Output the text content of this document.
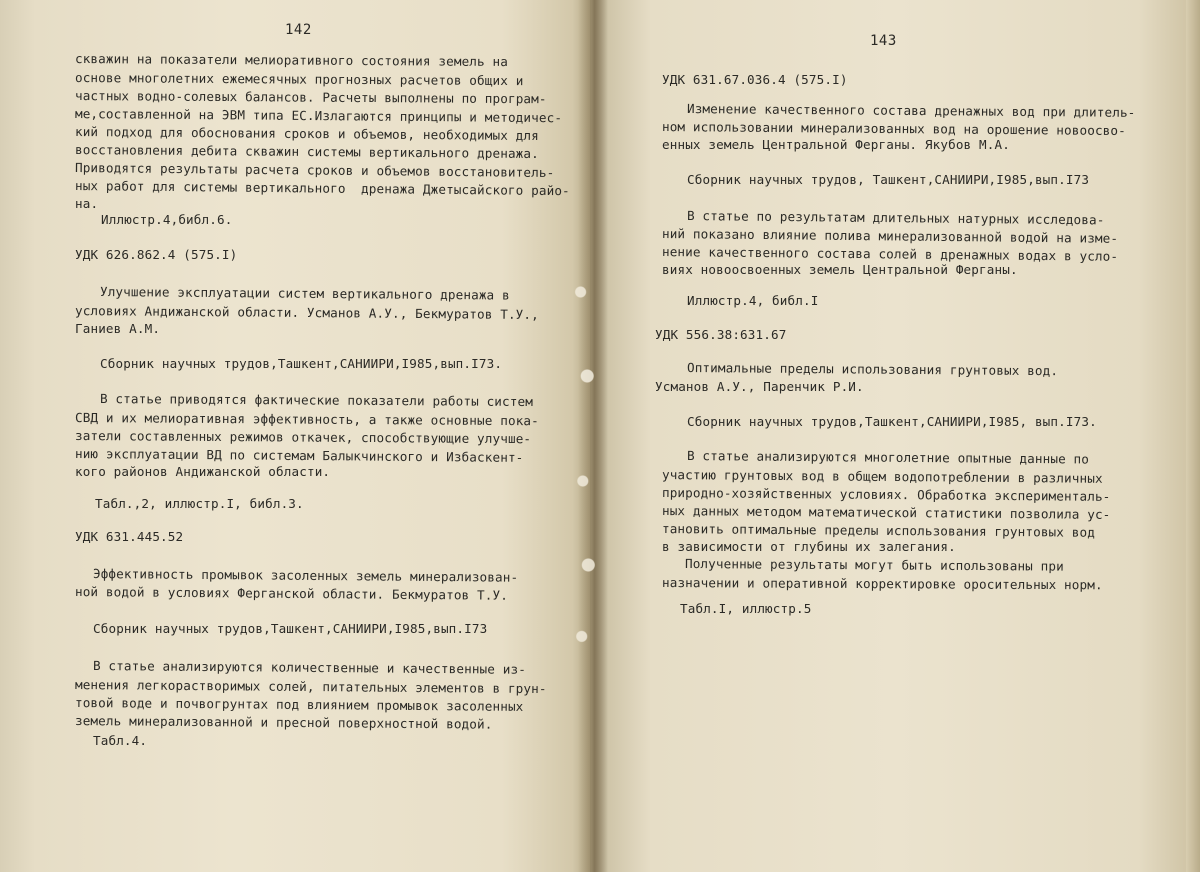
142
скважин на показатели мелиоративного состояния земель на
основе многолетних ежемесячных прогнозных расчетов общих и
частных водно-солевых балансов. Расчеты выполнены по програм-
ме,составленной на ЭВМ типа ЕС.Излагаются принципы и методичес-
кий подход для обоснования сроков и объемов, необходимых для
восстановления дебита скважин системы вертикального дренажа.
Приводятся результаты расчета сроков и объемов восстановитель-
ных работ для системы вертикального  дренажа Джетысайского райо-
на.
Иллюстр.4,библ.6.
УДК 626.862.4 (575.I)
Улучшение эксплуатации систем вертикального дренажа в
условиях Андижанской области. Усманов А.У., Бекмуратов Т.У.,
Ганиев А.М.
Сборник научных трудов,Ташкент,САНИИРИ,I985,вып.I73.
В статье приводятся фактические показатели работы систем
СВД и их мелиоративная эффективность, а также основные пока-
затели составленных режимов откачек, способствующие улучше-
нию эксплуатации ВД по системам Балыкчинского и Избаскент-
кого районов Андижанской области.
Табл.,2, иллюстр.I, библ.3.
УДК 631.445.52
Эффективность промывок засоленных земель минерализован-
ной водой в условиях Ферганской области. Бекмуратов Т.У.
Сборник научных трудов,Ташкент,САНИИРИ,I985,вып.I73
В статье анализируются количественные и качественные из-
менения легкорастворимых солей, питательных элементов в грун-
товой воде и почвогрунтах под влиянием промывок засоленных
земель минерализованной и пресной поверхностной водой.
Табл.4.
143
УДК 631.67.036.4 (575.I)
Изменение качественного состава дренажных вод при длитель-
ном использовании минерализованных вод на орошение новоосво-
енных земель Центральной Ферганы. Якубов М.А.
Сборник научных трудов, Ташкент,САНИИРИ,I985,вып.I73
В статье по результатам длительных натурных исследова-
ний показано влияние полива минерализованной водой на изме-
нение качественного состава солей в дренажных водах в усло-
виях новоосвоенных земель Центральной Ферганы.
Иллюстр.4, библ.I
УДК 556.38:631.67
Оптимальные пределы использования грунтовых вод.
Усманов А.У., Паренчик Р.И.
Сборник научных трудов,Ташкент,САНИИРИ,I985, вып.I73.
В статье анализируются многолетние опытные данные по
участию грунтовых вод в общем водопотреблении в различных
природно-хозяйственных условиях. Обработка эксперименталь-
ных данных методом математической статистики позволила ус-
тановить оптимальные пределы использования грунтовых вод
в зависимости от глубины их залегания.
Полученные результаты могут быть использованы при
назначении и оперативной корректировке оросительных норм.
Табл.I, иллюстр.5
